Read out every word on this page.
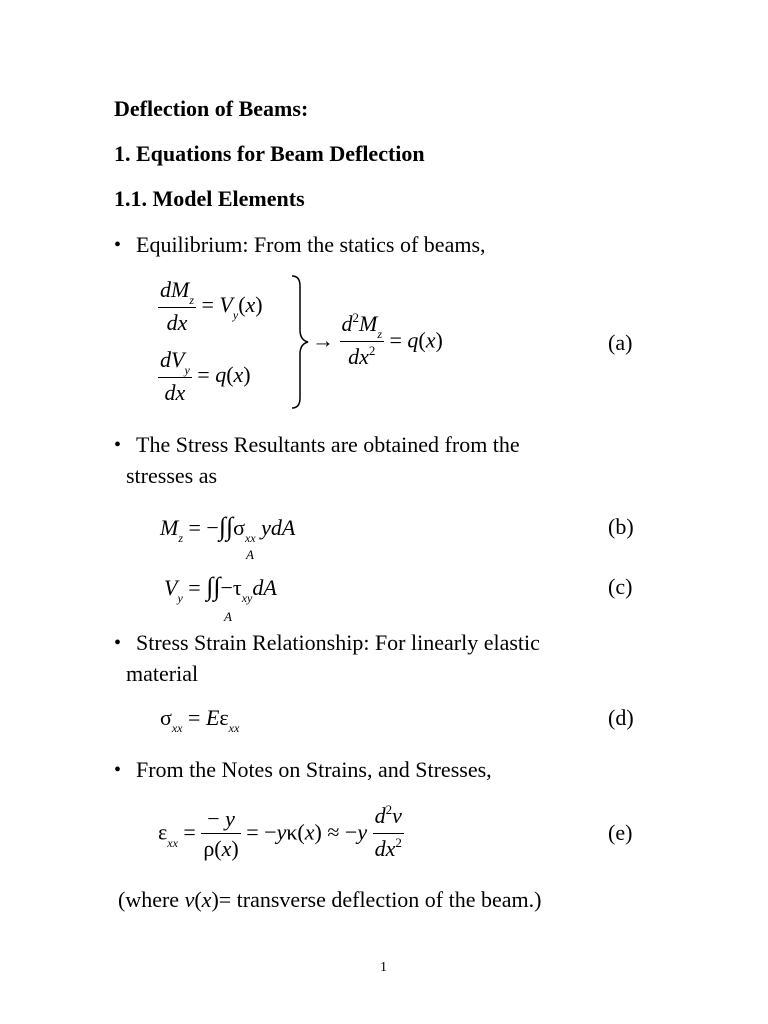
Deflection of Beams:
1. Equations for Beam Deflection
1.1. Model Elements
• Equilibrium: From the statics of beams,
$\frac{dM_z}{dx} = V_y(x)$
$\frac{dV_y}{dx} = q(x)$
→ $\frac{d^2M_z}{dx^2} = q(x)$	(a)
• The Stress Resultants are obtained from the
stresses as
$M_z = -\int\int\sigma_{xx}$ ydA
A
(b)
$V_y = \int\int-\tau_{xy}dA$
A
(c)
• Stress Strain Relationship: For linearly elastic
material
$\sigma_{xx} = E\varepsilon_{xx}$	(d)
• From the Notes on Strains, and Stresses,
$\varepsilon_{xx} = \frac{- y}{\rho(x)} = -y\kappa(x) \approx -y \frac{d^2v}{dx^2}$	(e)
(where v(x)= transverse deflection of the beam.)
1
